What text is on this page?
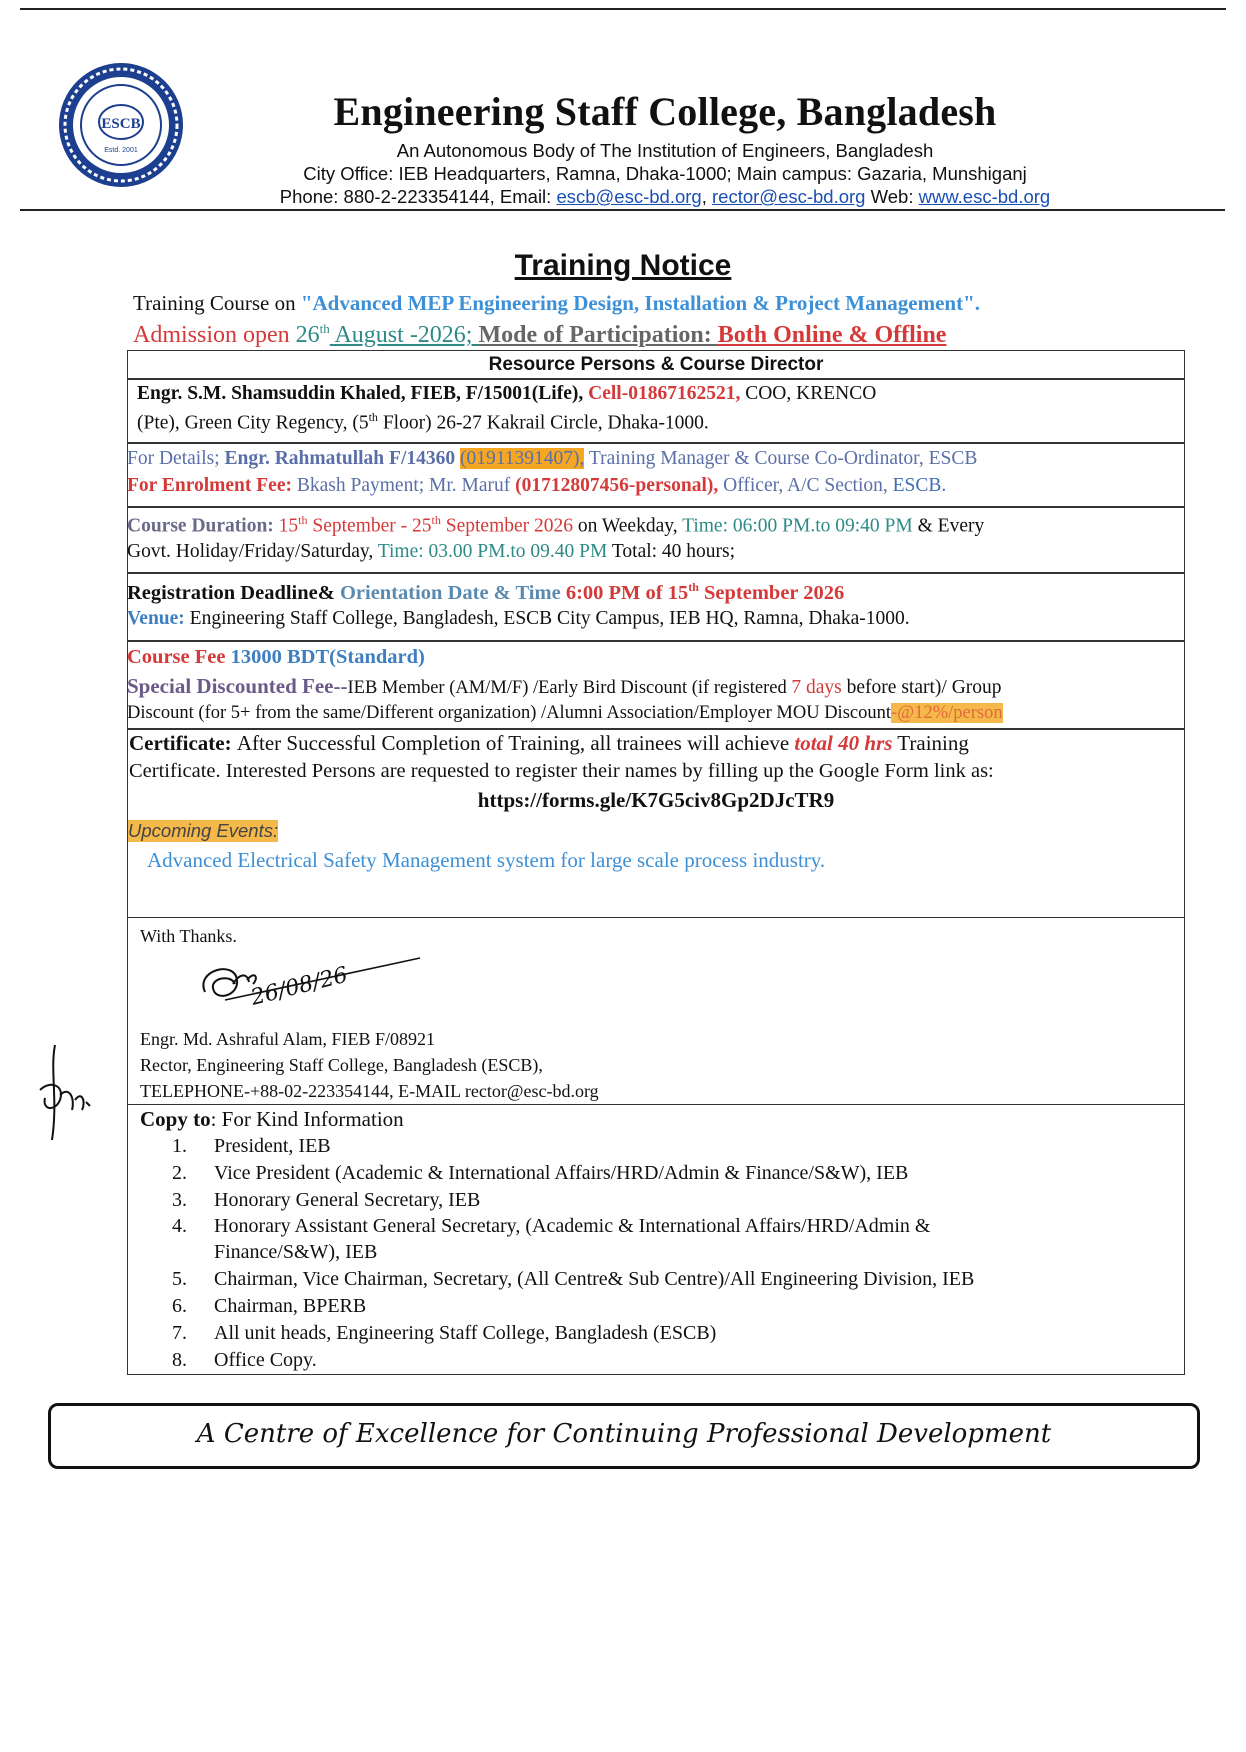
ESCB
Estd. 2001
Engineering Staff College, Bangladesh
An Autonomous Body of The Institution of Engineers, Bangladesh
City Office: IEB Headquarters, Ramna, Dhaka-1000; Main campus: Gazaria, Munshiganj
Phone: 880-2-223354144, Email: escb@esc-bd.org, rector@esc-bd.org Web: www.esc-bd.org
Training Notice
Training Course on "Advanced MEP Engineering Design, Installation & Project Management".
Admission open 26th August -2026; Mode of Participation: Both Online & Offline
Resource Persons & Course Director
Engr. S.M. Shamsuddin Khaled, FIEB, F/15001(Life), Cell-01867162521, COO, KRENCO
(Pte), Green City Regency, (5th Floor) 26-27 Kakrail Circle, Dhaka-1000.
For Details; Engr. Rahmatullah F/14360 (01911391407), Training Manager & Course Co-Ordinator, ESCB
For Enrolment Fee: Bkash Payment; Mr. Maruf (01712807456-personal), Officer, A/C Section, ESCB.
Course Duration: 15th September - 25th September 2026 on Weekday, Time: 06:00 PM.to 09:40 PM & Every
Govt. Holiday/Friday/Saturday, Time: 03.00 PM.to 09.40 PM Total: 40 hours;
Registration Deadline& Orientation Date & Time 6:00 PM of 15th September 2026
Venue: Engineering Staff College, Bangladesh, ESCB City Campus, IEB HQ, Ramna, Dhaka-1000.
Course Fee 13000 BDT(Standard)
Special Discounted Fee--IEB Member (AM/M/F) /Early Bird Discount (if registered 7 days before start)/ Group
Discount (for 5+ from the same/Different organization) /Alumni Association/Employer MOU Discount-@12%/person
Certificate: After Successful Completion of Training, all trainees will achieve total 40 hrs Training
Certificate. Interested Persons are requested to register their names by filling up the Google Form link as:
https://forms.gle/K7G5civ8Gp2DJcTR9
Upcoming Events:
Advanced Electrical Safety Management system for large scale process industry.
With Thanks.
26/08/26
Engr. Md. Ashraful Alam, FIEB F/08921
Rector, Engineering Staff College, Bangladesh (ESCB),
TELEPHONE-+88-02-223354144, E-MAIL rector@esc-bd.org
Copy to: For Kind Information
1. President, IEB
2. Vice President (Academic & International Affairs/HRD/Admin & Finance/S&W), IEB
3. Honorary General Secretary, IEB
4. Honorary Assistant General Secretary, (Academic & International Affairs/HRD/Admin &
Finance/S&W), IEB
5. Chairman, Vice Chairman, Secretary, (All Centre& Sub Centre)/All Engineering Division, IEB
6. Chairman, BPERB
7. All unit heads, Engineering Staff College, Bangladesh (ESCB)
8. Office Copy.
A Centre of Excellence for Continuing Professional Development
